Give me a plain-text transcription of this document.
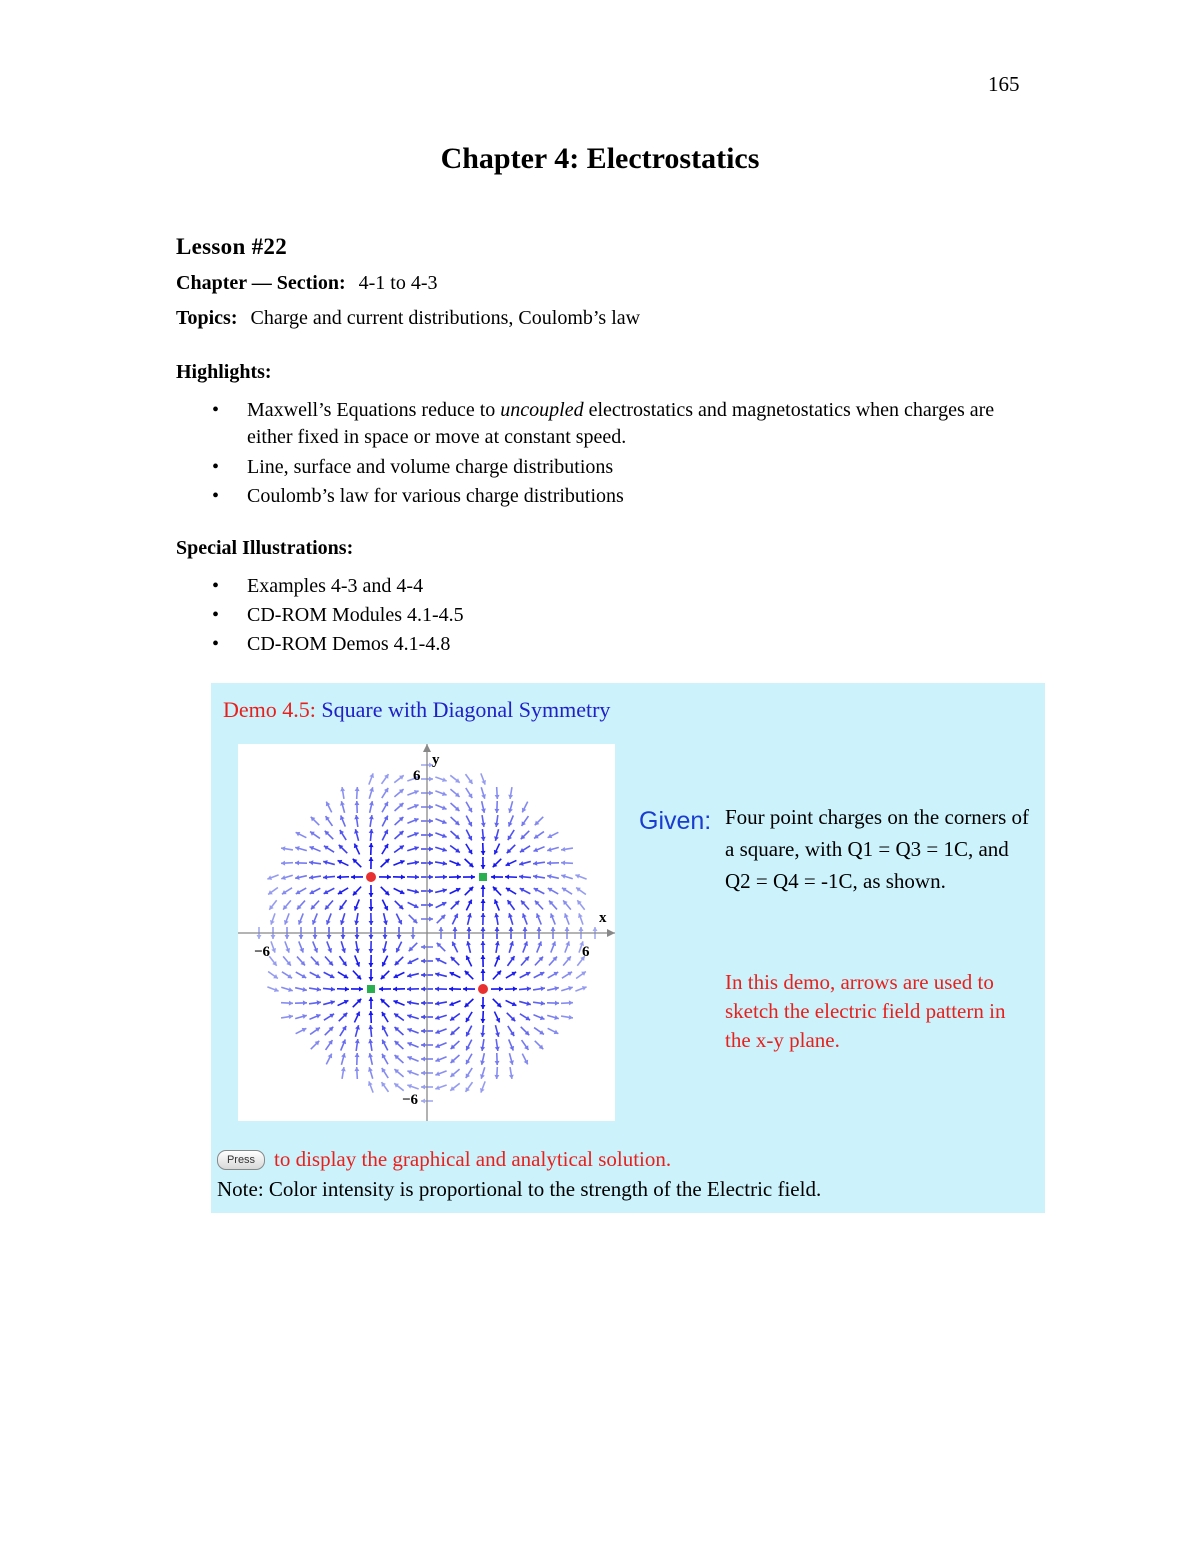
165
Chapter 4: Electrostatics
Lesson #22
Chapter — Section: 4-1 to 4-3
Topics: Charge and current distributions, Coulomb’s law
Highlights:
• Maxwell’s Equations reduce to uncoupled electrostatics and magnetostatics when charges are either fixed in space or move at constant speed.
• Line, surface and volume charge distributions
• Coulomb’s law for various charge distributions
Special Illustrations:
• Examples 4-3 and 4-4
• CD-ROM Modules 4.1-4.5
• CD-ROM Demos 4.1-4.8
Demo 4.5: Square with Diagonal Symmetry
x
y
−6	6
6
−6
Given: Four point charges on the corners of a square, with Q1 = Q3 = 1C, and Q2 = Q4 = -1C, as shown.
In this demo, arrows are used to sketch the electric field pattern in the x-y plane.
Press to display the graphical and analytical solution.
Note: Color intensity is proportional to the strength of the Electric field.
